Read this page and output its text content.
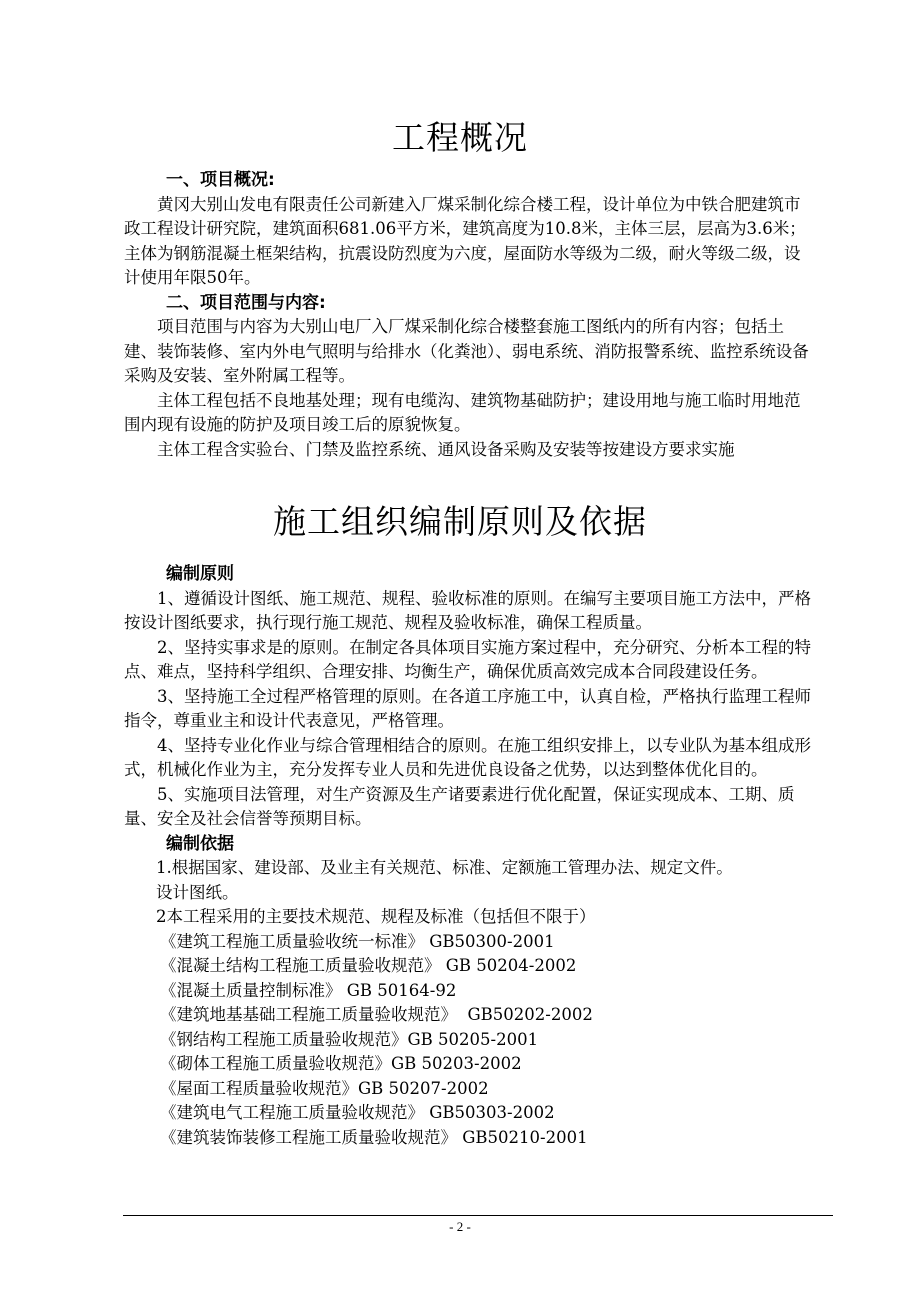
工程概况

一、项目概况:

黄冈大别山发电有限责任公司新建入厂煤采制化综合楼工程，设计单位为中铁合肥建筑市政工程设计研究院，建筑面积681.06平方米，建筑高度为10.8米，主体三层，层高为3.6米；主体为钢筋混凝土框架结构，抗震设防烈度为六度，屋面防水等级为二级，耐火等级二级，设计使用年限50年。

二、项目范围与内容:

项目范围与内容为大别山电厂入厂煤采制化综合楼整套施工图纸内的所有内容；包括土建、装饰装修、室内外电气照明与给排水（化粪池）、弱电系统、消防报警系统、监控系统设备采购及安装、室外附属工程等。

主体工程包括不良地基处理；现有电缆沟、建筑物基础防护；建设用地与施工临时用地范围内现有设施的防护及项目竣工后的原貌恢复。

主体工程含实验台、门禁及监控系统、通风设备采购及安装等按建设方要求实施

施工组织编制原则及依据

编制原则

1、遵循设计图纸、施工规范、规程、验收标准的原则。在编写主要项目施工方法中，严格按设计图纸要求，执行现行施工规范、规程及验收标准，确保工程质量。

2、坚持实事求是的原则。在制定各具体项目实施方案过程中，充分研究、分析本工程的特点、难点，坚持科学组织、合理安排、均衡生产，确保优质高效完成本合同段建设任务。

3、坚持施工全过程严格管理的原则。在各道工序施工中，认真自检，严格执行监理工程师指令，尊重业主和设计代表意见，严格管理。

4、坚持专业化作业与综合管理相结合的原则。在施工组织安排上，以专业队为基本组成形式，机械化作业为主，充分发挥专业人员和先进优良设备之优势，以达到整体优化目的。

5、实施项目法管理，对生产资源及生产诸要素进行优化配置，保证实现成本、工期、质量、安全及社会信誉等预期目标。

编制依据

1.根据国家、建设部、及业主有关规范、标准、定额施工管理办法、规定文件。

设计图纸。

2本工程采用的主要技术规范、规程及标准（包括但不限于）

《建筑工程施工质量验收统一标准》 GB50300-2001

《混凝土结构工程施工质量验收规范》 GB 50204-2002

《混凝土质量控制标准》 GB 50164-92

《建筑地基基础工程施工质量验收规范》  GB50202-2002

《钢结构工程施工质量验收规范》GB 50205-2001

《砌体工程施工质量验收规范》GB 50203-2002

《屋面工程质量验收规范》GB 50207-2002

《建筑电气工程施工质量验收规范》 GB50303-2002

《建筑装饰装修工程施工质量验收规范》 GB50210-2001

- 2 -
